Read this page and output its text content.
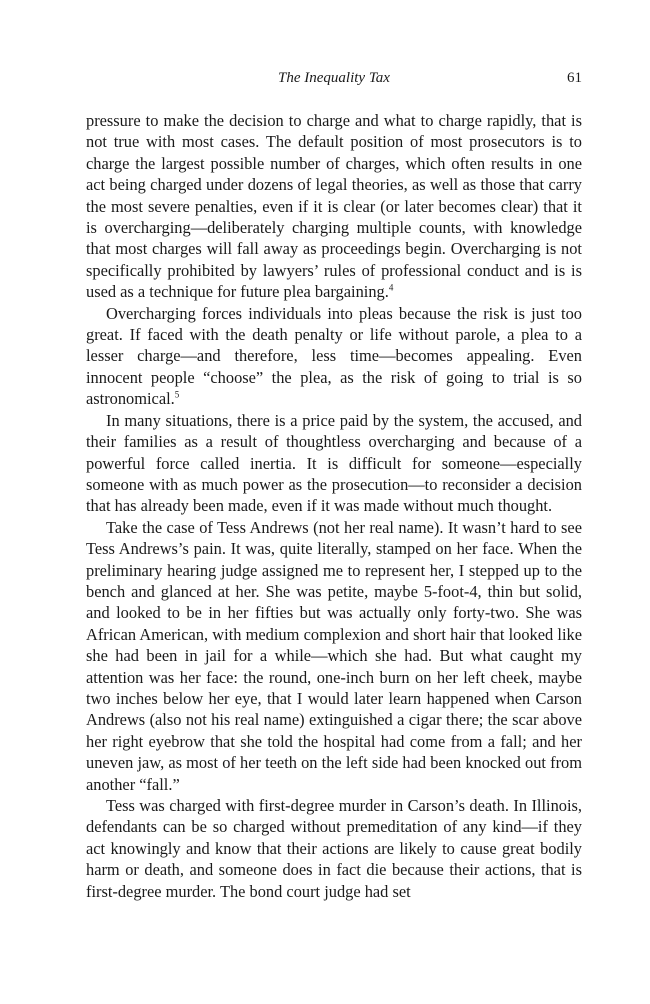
The Inequality Tax	61

pressure to make the decision to charge and what to charge rapidly, that is not true with most cases. The default position of most prosecutors is to charge the largest possible number of charges, which often results in one act being charged under dozens of legal theories, as well as those that carry the most severe penalties, even if it is clear (or later becomes clear) that it is overcharging—deliberately charging multiple counts, with knowledge that most charges will fall away as proceedings begin. Overcharging is not specifically prohibited by lawyers’ rules of professional conduct and is is used as a technique for future plea bargaining.$^4$

Overcharging forces individuals into pleas because the risk is just too great. If faced with the death penalty or life without parole, a plea to a lesser charge—and therefore, less time—becomes appealing. Even innocent people “choose” the plea, as the risk of going to trial is so astronomical.$^5$

In many situations, there is a price paid by the system, the accused, and their families as a result of thoughtless overcharging and because of a powerful force called inertia. It is difficult for someone—especially someone with as much power as the prosecution—to reconsider a decision that has already been made, even if it was made without much thought.

Take the case of Tess Andrews (not her real name). It wasn’t hard to see Tess Andrews’s pain. It was, quite literally, stamped on her face. When the preliminary hearing judge assigned me to represent her, I stepped up to the bench and glanced at her. She was petite, maybe 5-foot-4, thin but solid, and looked to be in her fifties but was actually only forty-two. She was African American, with medium complexion and short hair that looked like she had been in jail for a while—which she had. But what caught my attention was her face: the round, one-inch burn on her left cheek, maybe two inches below her eye, that I would later learn happened when Carson Andrews (also not his real name) extinguished a cigar there; the scar above her right eyebrow that she told the hospital had come from a fall; and her uneven jaw, as most of her teeth on the left side had been knocked out from another “fall.”

Tess was charged with first-degree murder in Carson’s death. In Illinois, defendants can be so charged without premeditation of any kind—if they act knowingly and know that their actions are likely to cause great bodily harm or death, and someone does in fact die because their actions, that is first-degree murder. The bond court judge had set
